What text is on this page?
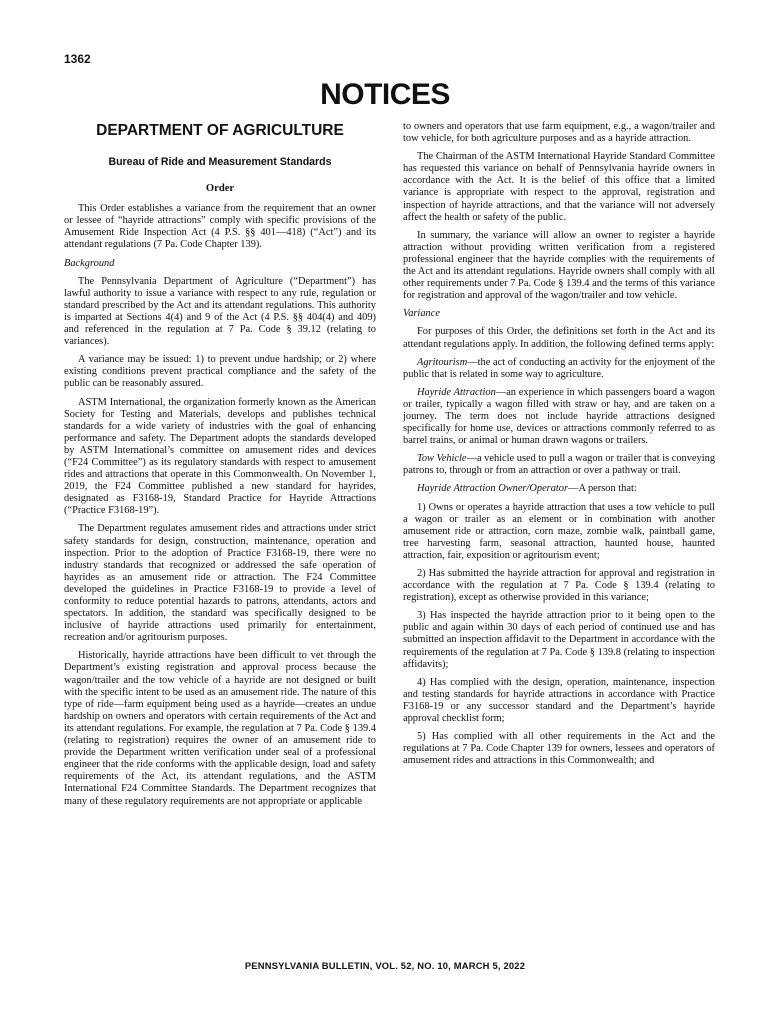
1362
NOTICES
DEPARTMENT OF AGRICULTURE
Bureau of Ride and Measurement Standards
Order

This Order establishes a variance from the requirement that an owner or lessee of “hayride attractions” comply with specific provisions of the Amusement Ride Inspection Act (4 P.S. §§ 401—418) (“Act”) and its attendant regulations (7 Pa. Code Chapter 139).

Background

The Pennsylvania Department of Agriculture (“Department”) has lawful authority to issue a variance with respect to any rule, regulation or standard prescribed by the Act and its attendant regulations. This authority is imparted at Sections 4(4) and 9 of the Act (4 P.S. §§ 404(4) and 409) and referenced in the regulation at 7 Pa. Code § 39.12 (relating to variances).

A variance may be issued: 1) to prevent undue hardship; or 2) where existing conditions prevent practical compliance and the safety of the public can be reasonably assured.

ASTM International, the organization formerly known as the American Society for Testing and Materials, develops and publishes technical standards for a wide variety of industries with the goal of enhancing performance and safety. The Department adopts the standards developed by ASTM International’s committee on amusement rides and devices (“F24 Committee”) as its regulatory standards with respect to amusement rides and attractions that operate in this Commonwealth. On November 1, 2019, the F24 Committee published a new standard for hayrides, designated as F3168-19, Standard Practice for Hayride Attractions (“Practice F3168-19”).

The Department regulates amusement rides and attractions under strict safety standards for design, construction, maintenance, operation and inspection. Prior to the adoption of Practice F3168-19, there were no industry standards that recognized or addressed the safe operation of hayrides as an amusement ride or attraction. The F24 Committee developed the guidelines in Practice F3168-19 to provide a level of conformity to reduce potential hazards to patrons, attendants, actors and spectators. In addition, the standard was specifically designed to be inclusive of hayride attractions used primarily for entertainment, recreation and/or agritourism purposes.

Historically, hayride attractions have been difficult to vet through the Department’s existing registration and approval process because the wagon/trailer and the tow vehicle of a hayride are not designed or built with the specific intent to be used as an amusement ride. The nature of this type of ride—farm equipment being used as a hayride—creates an undue hardship on owners and operators with certain requirements of the Act and its attendant regulations. For example, the regulation at 7 Pa. Code § 139.4 (relating to registration) requires the owner of an amusement ride to provide the Department written verification under seal of a professional engineer that the ride conforms with the applicable design, load and safety requirements of the Act, its attendant regulations, and the ASTM International F24 Committee Standards. The Department recognizes that many of these regulatory requirements are not appropriate or applicable

to owners and operators that use farm equipment, e.g., a wagon/trailer and tow vehicle, for both agriculture purposes and as a hayride attraction.

The Chairman of the ASTM International Hayride Standard Committee has requested this variance on behalf of Pennsylvania hayride owners in accordance with the Act. It is the belief of this office that a limited variance is appropriate with respect to the approval, registration and inspection of hayride attractions, and that the variance will not adversely affect the health or safety of the public.

In summary, the variance will allow an owner to register a hayride attraction without providing written verification from a registered professional engineer that the hayride complies with the requirements of the Act and its attendant regulations. Hayride owners shall comply with all other requirements under 7 Pa. Code § 139.4 and the terms of this variance for registration and approval of the wagon/trailer and tow vehicle.

Variance

For purposes of this Order, the definitions set forth in the Act and its attendant regulations apply. In addition, the following defined terms apply:

Agritourism—the act of conducting an activity for the enjoyment of the public that is related in some way to agriculture.

Hayride Attraction—an experience in which passengers board a wagon or trailer, typically a wagon filled with straw or hay, and are taken on a journey. The term does not include hayride attractions designed specifically for home use, devices or attractions commonly referred to as barrel trains, or animal or human drawn wagons or trailers.

Tow Vehicle—a vehicle used to pull a wagon or trailer that is conveying patrons to, through or from an attraction or over a pathway or trail.

Hayride Attraction Owner/Operator—A person that:

1) Owns or operates a hayride attraction that uses a tow vehicle to pull a wagon or trailer as an element or in combination with another amusement ride or attraction, corn maze, zombie walk, paintball game, tree harvesting farm, seasonal attraction, haunted house, haunted attraction, fair, exposition or agritourism event;

2) Has submitted the hayride attraction for approval and registration in accordance with the regulation at 7 Pa. Code § 139.4 (relating to registration), except as otherwise provided in this variance;

3) Has inspected the hayride attraction prior to it being open to the public and again within 30 days of each period of continued use and has submitted an inspection affidavit to the Department in accordance with the requirements of the regulation at 7 Pa. Code § 139.8 (relating to inspection affidavits);

4) Has complied with the design, operation, maintenance, inspection and testing standards for hayride attractions in accordance with Practice F3168-19 or any successor standard and the Department’s hayride approval checklist form;

5) Has complied with all other requirements in the Act and the regulations at 7 Pa. Code Chapter 139 for owners, lessees and operators of amusement rides and attractions in this Commonwealth; and

PENNSYLVANIA BULLETIN, VOL. 52, NO. 10, MARCH 5, 2022
